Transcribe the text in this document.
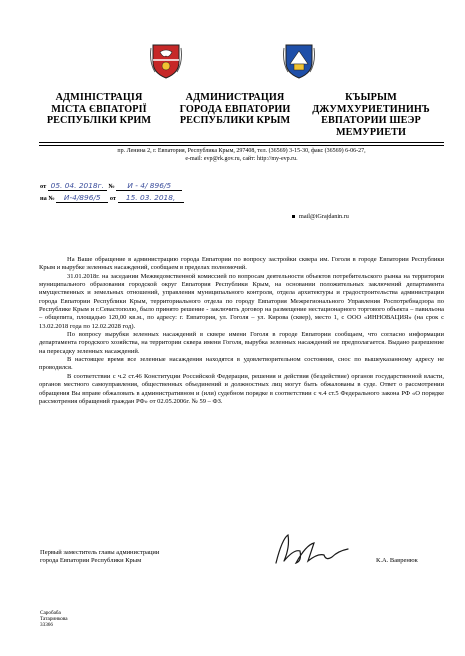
АДМІНІСТРАЦІЯ
МІСТА ЄВПАТОРІЇ
РЕСПУБЛІКИ КРИМ
АДМИНИСТРАЦИЯ
ГОРОДА ЕВПАТОРИИ
РЕСПУБЛИКИ КРЫМ
КЪЫРЫМ
ДЖУМХУРИЕТИНИНЪ
ЕВПАТОРИИ ШЕЭР
МЕМУРИЕТИ
пр. Ленина 2, г. Евпатория, Республика Крым, 297408, тел. (36569) 3-15-30, факс (36569) 6-06-27,
e-mail: evp@rk.gov.ru, сайт: http://my-evp.ru.
от 05. 04. 2018г. № И - 4/ 896/5
на № И-4/896/5 от 15. 03. 2018,
mail@iGrajdanin.ru

На Ваше обращение в администрацию города Евпатории по вопросу застройки сквера им. Гоголя в городе Евпатории Республики Крым и вырубке зеленных насаждений, сообщаем в пределах полномочий.

31.01.2018г. на заседании Межведомственной комиссией по вопросам деятельности объектов потребительского рынка на территории муниципального образования городской округ Евпатория Республики Крым, на основании положительных заключений департамента имущественных и земельных отношений, управления муниципального контроля, отдела архитектуры и градостроительства администрации города Евпатории Республики Крым, территориального отдела по городу Евпатория Межрегионального Управления Роспотребнадзора по Республике Крым и г.Севастополю, было принято решение - заключить договор на размещение нестационарного торгового объекта – павильона – общепита, площадью 120,00 кв.м., по адресу: г. Евпатория, ул. Гоголя – ул. Кирова (сквер), место 1, с ООО «ИННОВАЦИЯ» (на срок с 13.02.2018 года по 12.02.2028 год).

По вопросу вырубки зеленных насаждений в сквере имени Гоголя в городе Евпатории сообщаем, что согласно информации департамента городского хозяйства, на территории сквера имени Гоголя, вырубка зеленных насаждений не предполагается. Выдано разрешение на пересадку зеленных насаждений.

В настоящее время все зеленные насаждения находятся в удовлетворительном состоянии, снос по вышеуказанному адресу не проводился.

В соответствии с ч.2 ст.46 Конституции Российской Федерации, решения и действия (бездействие) органов государственной власти, органов местного самоуправления, общественных объединений и должностных лиц могут быть обжалованы в суде. Ответ о рассмотрении обращения Вы вправе обжаловать в административном и (или) судебном порядке в соответствии с ч.4 ст.5 Федерального закона РФ «О порядке рассмотрения обращений граждан РФ» от 02.05.2006г. № 59 – ФЗ.

Первый заместитель главы администрации
города Евпатории Республики Крым	К.А. Вавренюк
Саробаба
Татаринкова
33366
